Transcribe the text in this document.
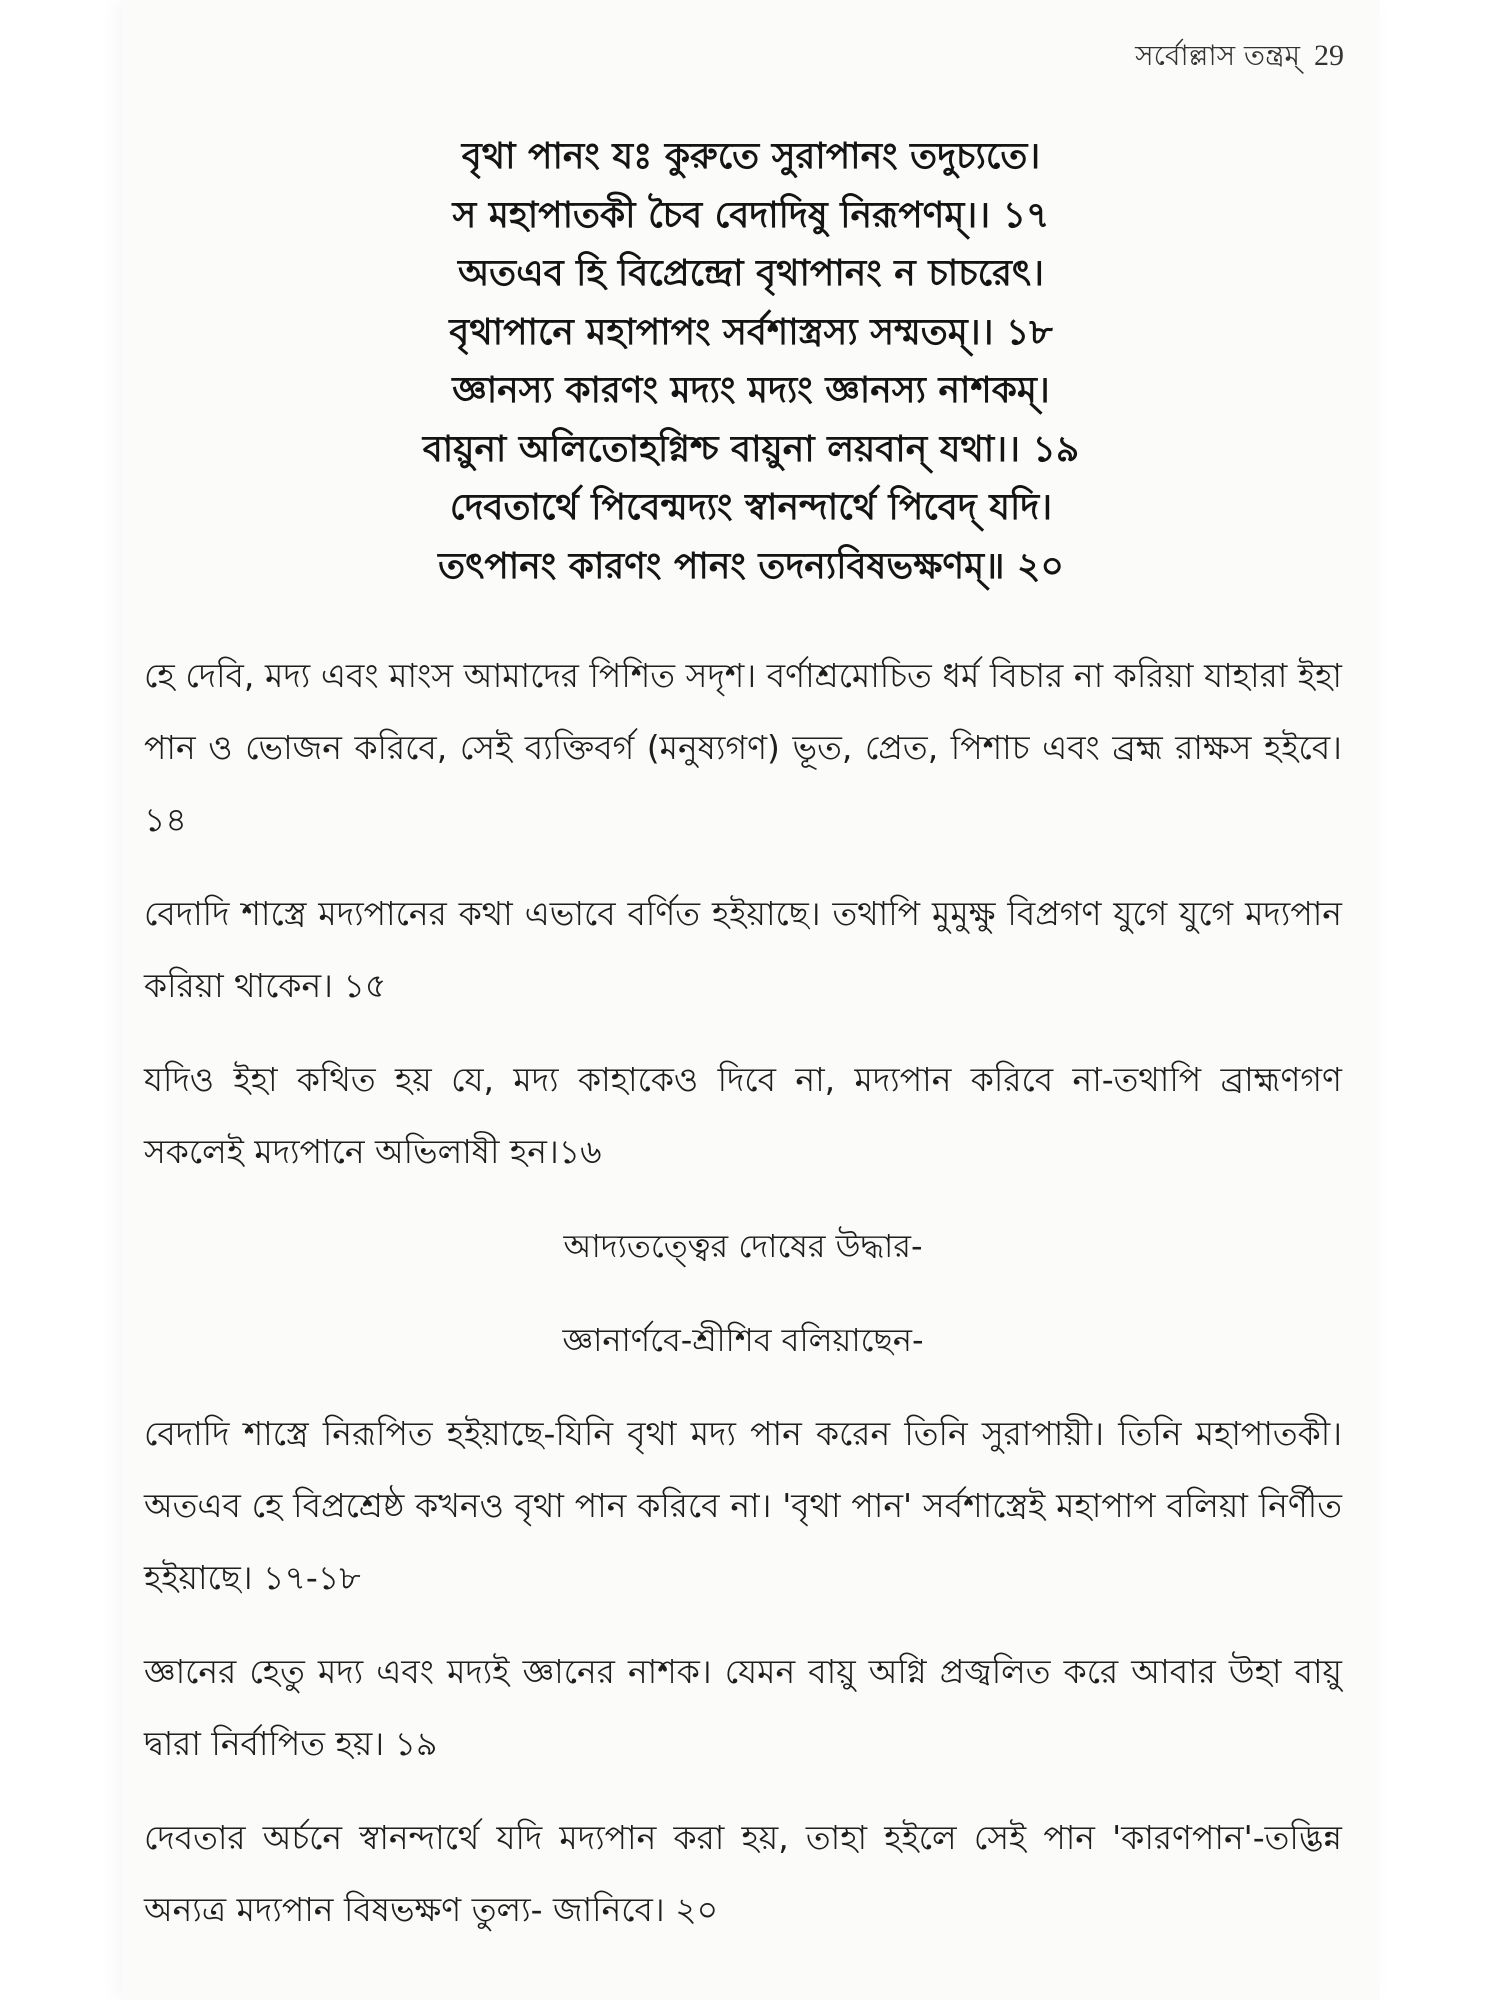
সর্বোল্লাস তন্ত্রম্ 29
বৃথা পানং যঃ কুরুতে সুরাপানং তদুচ্যতে।
স মহাপাতকী চৈব বেদাদিষু নিরূপণম্।। ১৭
অতএব হি বিপ্রেন্দ্রো বৃথাপানং ন চাচরেৎ।
বৃথাপানে মহাপাপং সর্বশাস্ত্রস্য সম্মতম্।। ১৮
জ্ঞানস্য কারণং মদ্যং মদ্যং জ্ঞানস্য নাশকম্।
বায়ুনা অলিতোহগ্নিশ্চ বায়ুনা লয়বান্ যথা।। ১৯
দেবতার্থে পিবেন্মদ্যং স্বানন্দার্থে পিবেদ্ যদি।
তৎপানং কারণং পানং তদন্যবিষভক্ষণম্॥ ২০

হে দেবি, মদ্য এবং মাংস আমাদের পিশিত সদৃশ। বর্ণাশ্রমোচিত ধর্ম বিচার না করিয়া যাহারা ইহা পান ও ভোজন করিবে, সেই ব্যক্তিবর্গ (মনুষ্যগণ) ভূত, প্রেত, পিশাচ এবং ব্রহ্ম রাক্ষস হইবে।১৪

বেদাদি শাস্ত্রে মদ্যপানের কথা এভাবে বর্ণিত হইয়াছে। তথাপি মুমুক্ষু বিপ্রগণ যুগে যুগে মদ্যপান করিয়া থাকেন। ১৫

যদিও ইহা কথিত হয় যে, মদ্য কাহাকেও দিবে না, মদ্যপান করিবে না-তথাপি ব্রাহ্মণগণ সকলেই মদ্যপানে অভিলাষী হন।১৬

আদ্যতত্ত্বের দোষের উদ্ধার-
জ্ঞানার্ণবে-শ্রীশিব বলিয়াছেন-

বেদাদি শাস্ত্রে নিরূপিত হইয়াছে-যিনি বৃথা মদ্য পান করেন তিনি সুরাপায়ী। তিনি মহাপাতকী। অতএব হে বিপ্রশ্রেষ্ঠ কখনও বৃথা পান করিবে না। 'বৃথা পান' সর্বশাস্ত্রেই মহাপাপ বলিয়া নির্ণীত হইয়াছে। ১৭-১৮

জ্ঞানের হেতু মদ্য এবং মদ্যই জ্ঞানের নাশক। যেমন বায়ু অগ্নি প্রজ্বলিত করে আবার উহা বায়ু দ্বারা নির্বাপিত হয়। ১৯

দেবতার অর্চনে স্বানন্দার্থে যদি মদ্যপান করা হয়, তাহা হইলে সেই পান 'কারণপান'-তদ্ভিন্ন অন্যত্র মদ্যপান বিষভক্ষণ তুল্য- জানিবে। ২০
